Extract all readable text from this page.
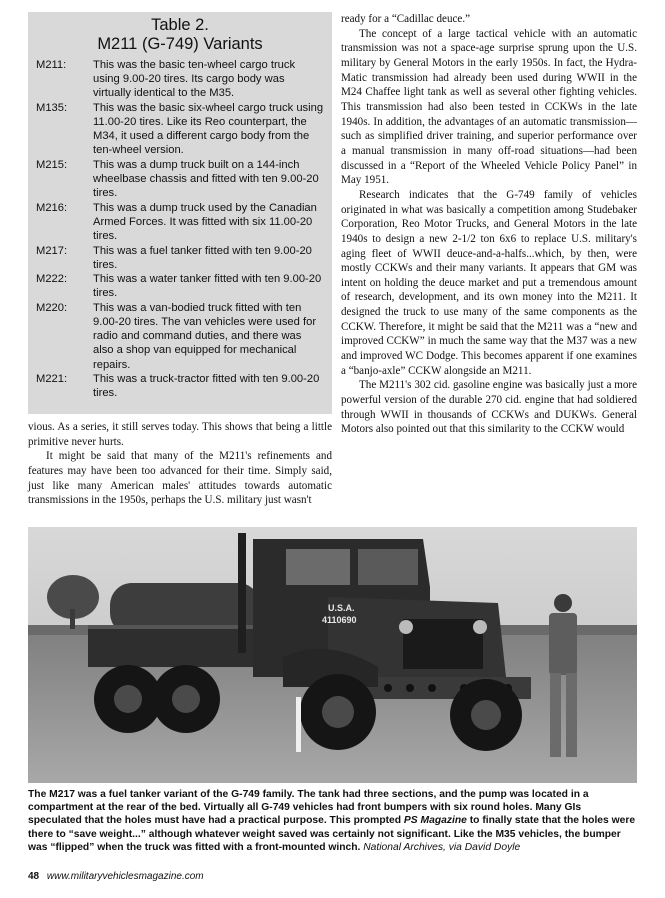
Table 2.
M211 (G-749) Variants
M211:	This was the basic ten-wheel cargo truck using 9.00-20 tires. Its cargo body was virtually identical to the M35.
M135:	This was the basic six-wheel cargo truck using 11.00-20 tires. Like its Reo counterpart, the M34, it used a different cargo body from the ten-wheel version.
M215:	This was a dump truck built on a 144-inch wheelbase chassis and fitted with ten 9.00-20 tires.
M216:	This was a dump truck used by the Canadian Armed Forces. It was fitted with six 11.00-20 tires.
M217:	This was a fuel tanker fitted with ten 9.00-20 tires.
M222:	This was a water tanker fitted with ten 9.00-20 tires.
M220:	This was a van-bodied truck fitted with ten 9.00-20 tires. The van vehicles were used for radio and command duties, and there was also a shop van equipped for mechanical repairs.
M221:	This was a truck-tractor fitted with ten 9.00-20 tires.

vious. As a series, it still serves today. This shows that being a little primitive never hurts.

It might be said that many of the M211's refinements and features may have been too advanced for their time. Simply said, just like many American males' attitudes towards automatic transmissions in the 1950s, perhaps the U.S. military just wasn't

ready for a “Cadillac deuce.”

The concept of a large tactical vehicle with an automatic transmission was not a space-age surprise sprung upon the U.S. military by General Motors in the early 1950s. In fact, the Hydra-Matic transmission had already been used during WWII in the M24 Chaffee light tank as well as several other fighting vehicles. This transmission had also been tested in CCKWs in the late 1940s. In addition, the advantages of an automatic transmission—such as simplified driver training, and superior performance over a manual transmission in many off-road situations—had been discussed in a “Report of the Wheeled Vehicle Policy Panel” in May 1951.

Research indicates that the G-749 family of vehicles originated in what was basically a competition among Studebaker Corporation, Reo Motor Trucks, and General Motors in the late 1940s to design a new 2-1/2 ton 6x6 to replace U.S. military's aging fleet of WWII deuce-and-a-halfs...which, by then, were mostly CCKWs and their many variants. It appears that GM was intent on holding the deuce market and put a tremendous amount of research, development, and its own money into the M211. It designed the truck to use many of the same components as the CCKW. Therefore, it might be said that the M211 was a “new and improved CCKW” in much the same way that the M37 was a new and improved WC Dodge. This becomes apparent if one examines a “banjo-axle” CCKW alongside an M211.

The M211's 302 cid. gasoline engine was basically just a more powerful version of the durable 270 cid. engine that had soldiered through WWII in thousands of CCKWs and DUKWs. General Motors also pointed out that this similarity to the CCKW would

U.S.A.
4110690
The M217 was a fuel tanker variant of the G-749 family. The tank had three sections, and the pump was located in a compartment at the rear of the bed. Virtually all G-749 vehicles had front bumpers with six round holes. Many GIs speculated that the holes must have had a practical purpose. This prompted PS Magazine to finally state that the holes were there to “save weight...” although whatever weight saved was certainly not significant. Like the M35 vehicles, the bumper was “flipped” when the truck was fitted with a front-mounted winch. National Archives, via David Doyle
48 www.militaryvehiclesmagazine.com
